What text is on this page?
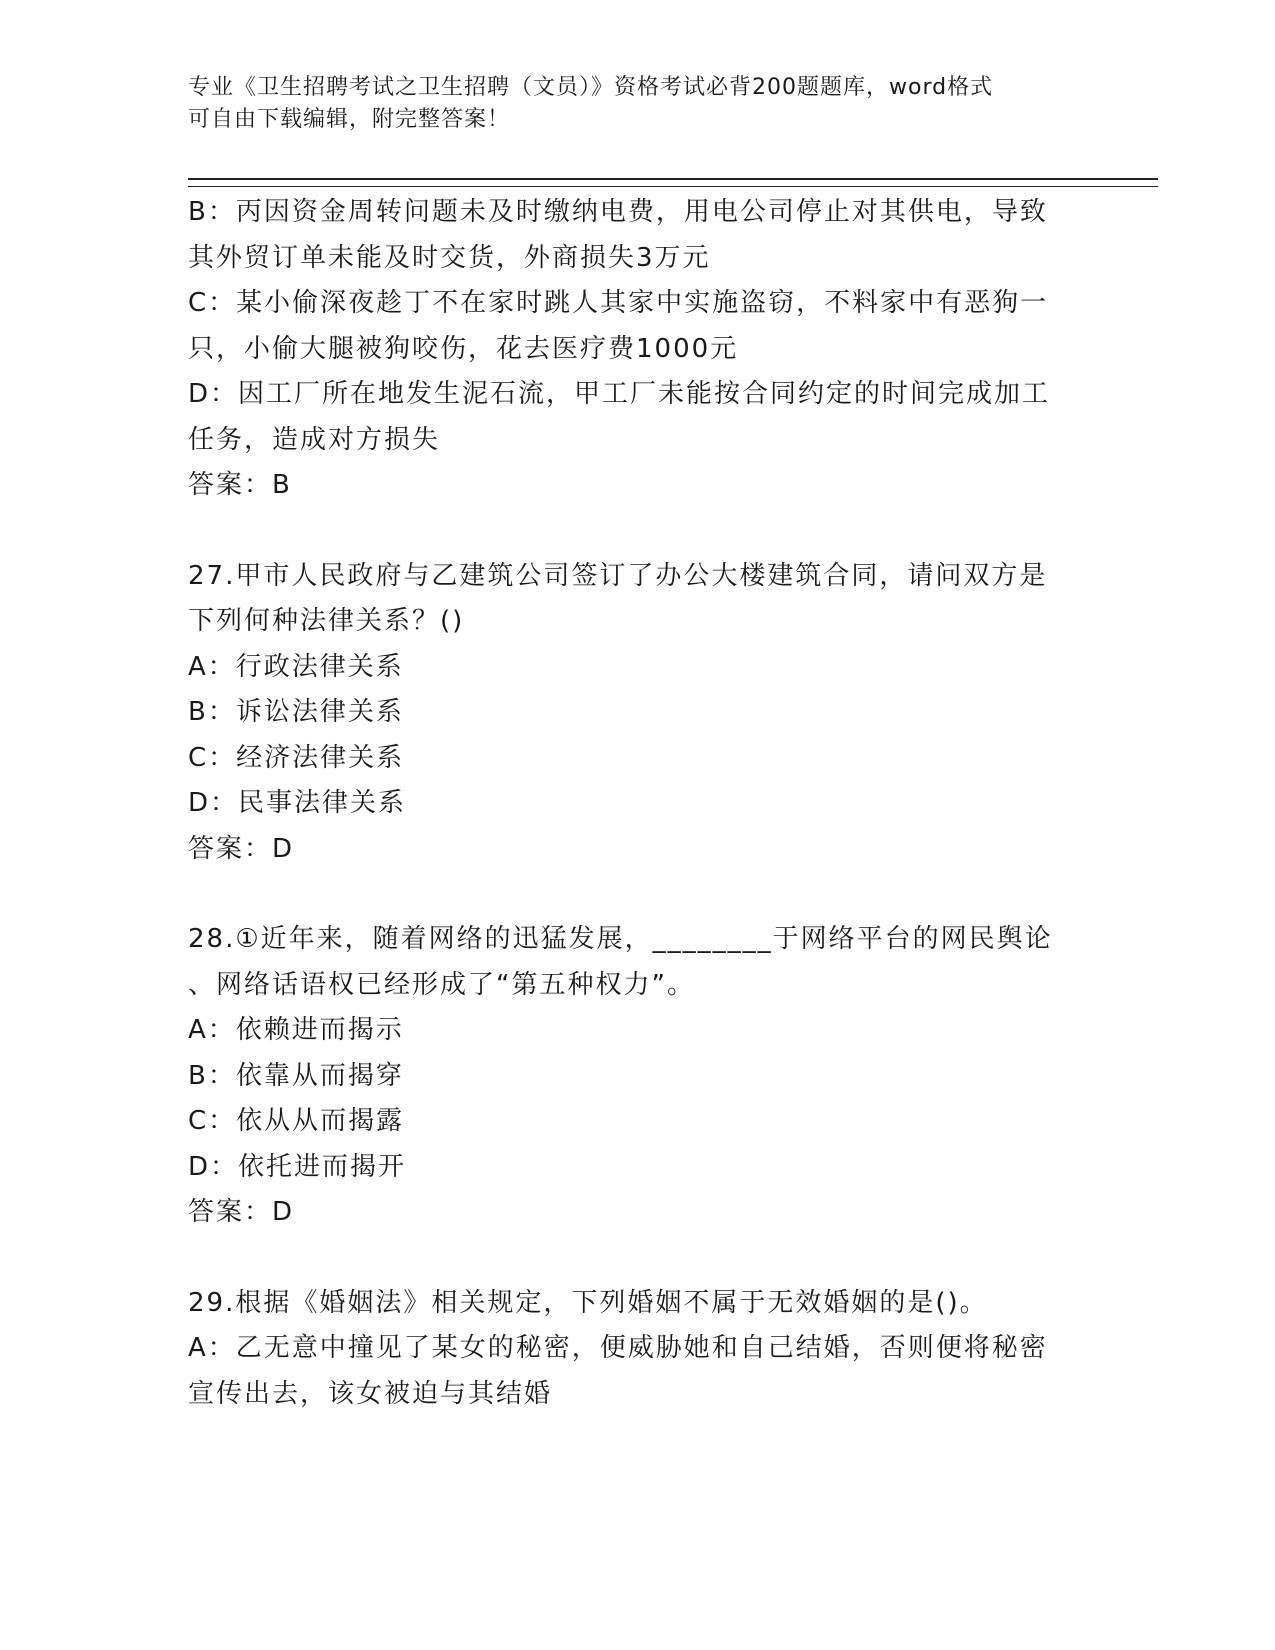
专业《卫生招聘考试之卫生招聘（文员）》资格考试必背200题题库，word格式
可自由下载编辑，附完整答案！
B：丙因资金周转问题未及时缴纳电费，用电公司停止对其供电，导致
其外贸订单未能及时交货，外商损失3万元
C：某小偷深夜趁丁不在家时跳人其家中实施盗窃，不料家中有恶狗一
只，小偷大腿被狗咬伤，花去医疗费1000元
D：因工厂所在地发生泥石流，甲工厂未能按合同约定的时间完成加工
任务，造成对方损失
答案：B
27.甲市人民政府与乙建筑公司签订了办公大楼建筑合同，请问双方是
下列何种法律关系？()
A：行政法律关系
B：诉讼法律关系
C：经济法律关系
D：民事法律关系
答案：D
28.①近年来，随着网络的迅猛发展，________于网络平台的网民舆论
、网络话语权已经形成了“第五种权力”。
A：依赖进而揭示
B：依靠从而揭穿
C：依从从而揭露
D：依托进而揭开
答案：D
29.根据《婚姻法》相关规定，下列婚姻不属于无效婚姻的是()。
A：乙无意中撞见了某女的秘密，便威胁她和自己结婚，否则便将秘密
宣传出去，该女被迫与其结婚
